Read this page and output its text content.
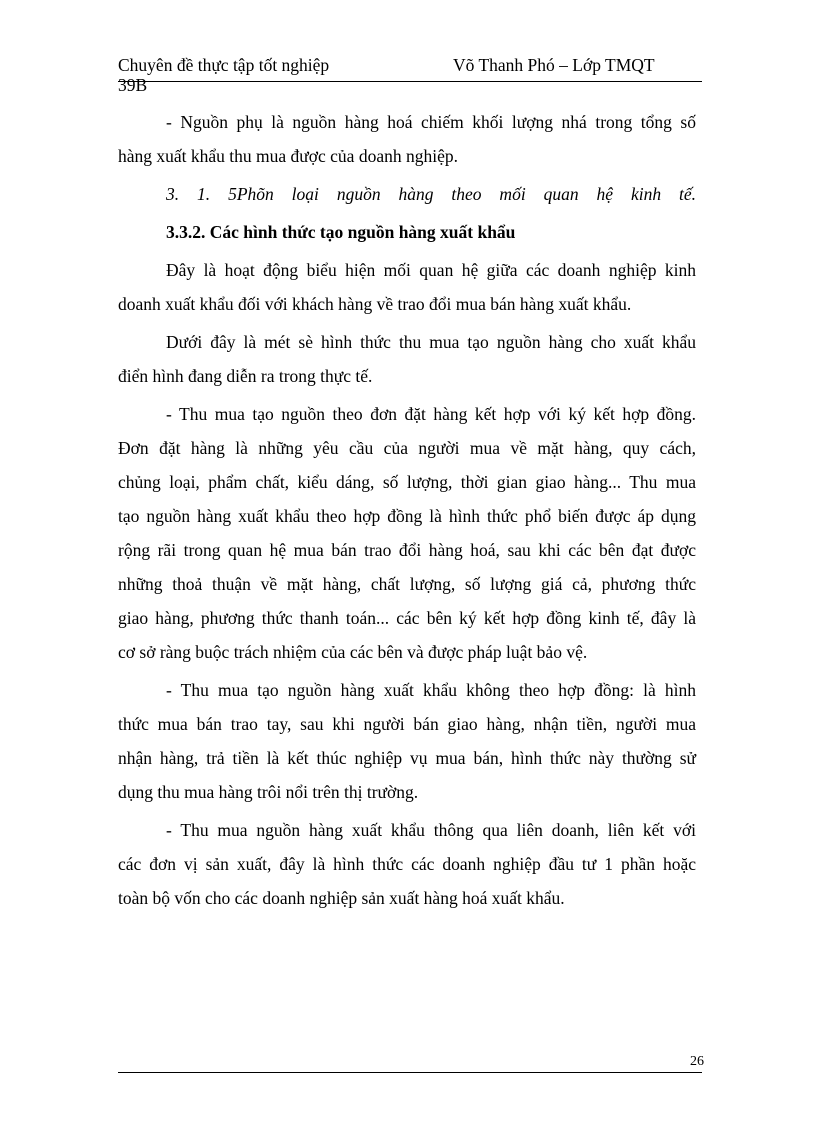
Chuyên đề thực tập tốt nghiệp	Võ Thanh Phó – Lớp TMQT
39B
- Nguồn phụ là nguồn hàng hoá chiếm khối lượng nhá trong tổng số
hàng xuất khẩu thu mua được của doanh nghiệp.
3. 1. 5Phõn loại nguồn hàng theo mối quan hệ kinh tế.
3.3.2. Các hình thức tạo nguồn hàng xuất khẩu
Đây là hoạt động biểu hiện mối quan hệ giữa các doanh nghiệp kinh
doanh xuất khẩu đối với khách hàng về trao đổi mua bán hàng xuất khẩu.
Dưới đây là mét sè hình thức thu mua tạo nguồn hàng cho xuất khẩu
điển hình đang diễn ra trong thực tế.
- Thu mua tạo nguồn theo đơn đặt hàng kết hợp với ký kết hợp đồng.
Đơn đặt hàng là những yêu cầu của người mua về mặt hàng, quy cách,
chủng loại, phẩm chất, kiểu dáng, số lượng, thời gian giao hàng... Thu mua
tạo nguồn hàng xuất khẩu theo hợp đồng là hình thức phổ biến được áp dụng
rộng rãi trong quan hệ mua bán trao đổi hàng hoá, sau khi các bên đạt được
những thoả thuận về mặt hàng, chất lượng, số lượng giá cả, phương thức
giao hàng, phương thức thanh toán... các bên ký kết hợp đồng kinh tế, đây là
cơ sở ràng buộc trách nhiệm của các bên và được pháp luật bảo vệ.
- Thu mua tạo nguồn hàng xuất khẩu không theo hợp đồng: là hình
thức mua bán trao tay, sau khi người bán giao hàng, nhận tiền, người mua
nhận hàng, trả tiền là kết thúc nghiệp vụ mua bán, hình thức này thường sử
dụng thu mua hàng trôi nổi trên thị trường.
- Thu mua nguồn hàng xuất khẩu thông qua liên doanh, liên kết với
các đơn vị sản xuất, đây là hình thức các doanh nghiệp đầu tư 1 phần hoặc
toàn bộ vốn cho các doanh nghiệp sản xuất hàng hoá xuất khẩu.
26
